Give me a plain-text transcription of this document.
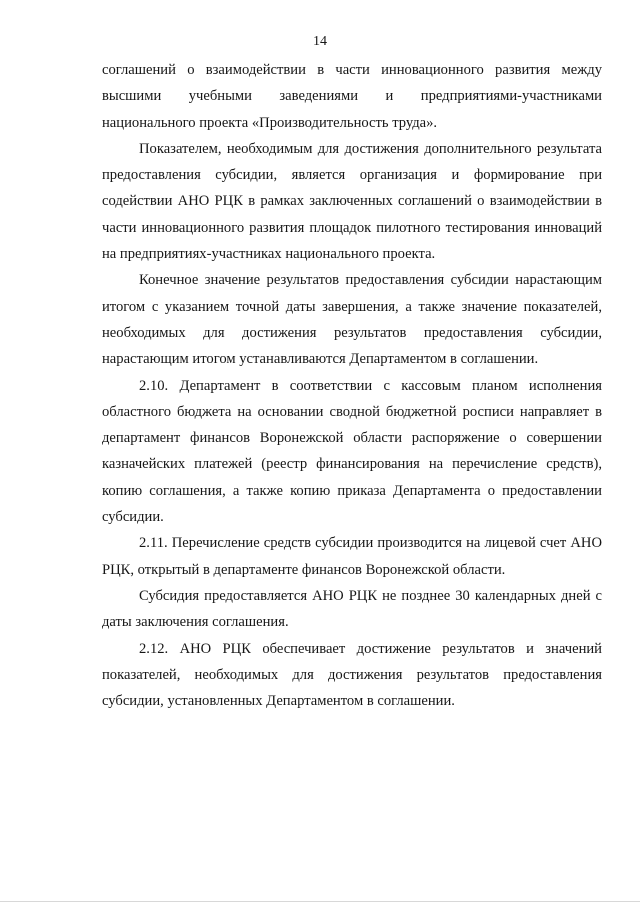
14

соглашений о взаимодействии в части инновационного развития между высшими учебными заведениями и предприятиями-участниками национального проекта «Производительность труда».

Показателем, необходимым для достижения дополнительного результата предоставления субсидии, является организация и формирование при содействии АНО РЦК в рамках заключенных соглашений о взаимодействии в части инновационного развития площадок пилотного тестирования инноваций на предприятиях-участниках национального проекта.

Конечное значение результатов предоставления субсидии нарастающим итогом с указанием точной даты завершения, а также значение показателей, необходимых для достижения результатов предоставления субсидии, нарастающим итогом устанавливаются Департаментом в соглашении.

2.10. Департамент в соответствии с кассовым планом исполнения областного бюджета на основании сводной бюджетной росписи направляет в департамент финансов Воронежской области распоряжение о совершении казначейских платежей (реестр финансирования на перечисление средств), копию соглашения, а также копию приказа Департамента о предоставлении субсидии.

2.11. Перечисление средств субсидии производится на лицевой счет АНО РЦК, открытый в департаменте финансов Воронежской области.

Субсидия предоставляется АНО РЦК не позднее 30 календарных дней с даты заключения соглашения.

2.12. АНО РЦК обеспечивает достижение результатов и значений показателей, необходимых для достижения результатов предоставления субсидии, установленных Департаментом в соглашении.
